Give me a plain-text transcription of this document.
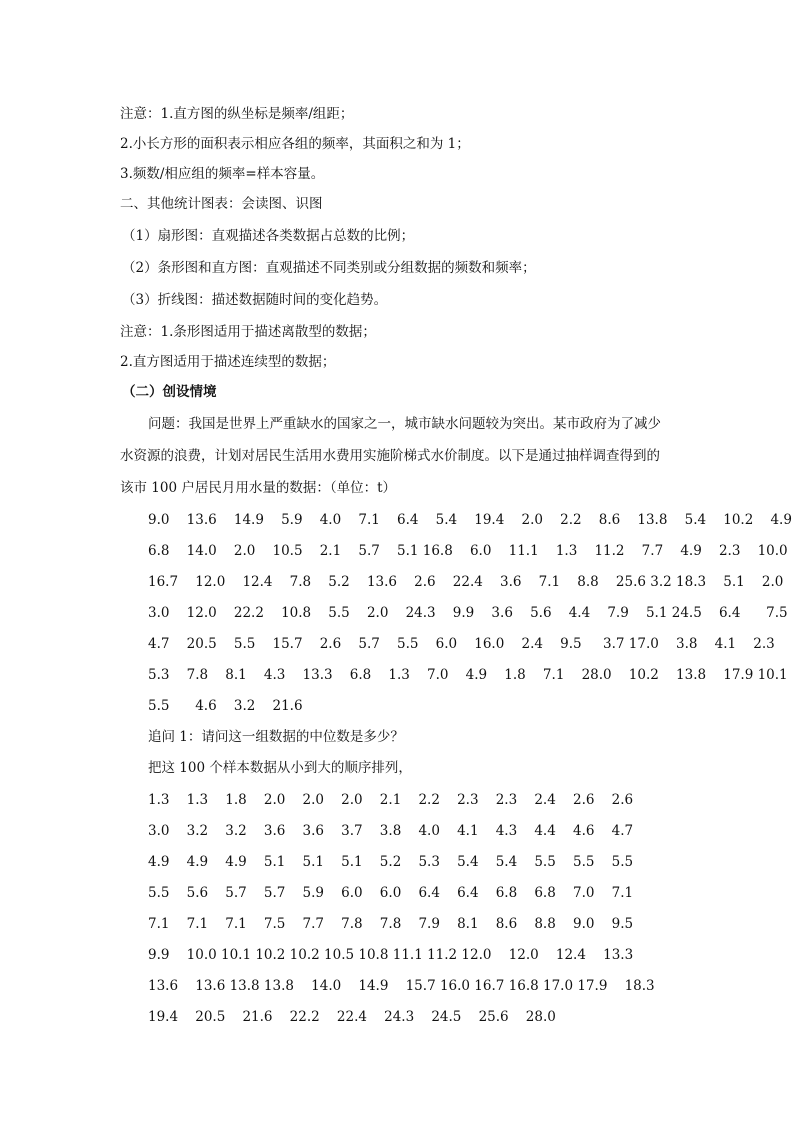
注意：1.直方图的纵坐标是频率/组距；
2.小长方形的面积表示相应各组的频率，其面积之和为 1；
3.频数/相应组的频率=样本容量。
二、其他统计图表：会读图、识图
（1）扇形图：直观描述各类数据占总数的比例；
（2）条形图和直方图：直观描述不同类别或分组数据的频数和频率；
（3）折线图：描述数据随时间的变化趋势。
注意：1.条形图适用于描述离散型的数据；
2.直方图适用于描述连续型的数据；
（二）创设情境
问题：我国是世界上严重缺水的国家之一，城市缺水问题较为突出。某市政府为了减少
水资源的浪费，计划对居民生活用水费用实施阶梯式水价制度。以下是通过抽样调查得到的
该市 100 户居民月用水量的数据：（单位：t）
9.0    13.6    14.9    5.9    4.0    7.1    6.4    5.4    19.4    2.0    2.2    8.6    13.8    5.4    10.2    4.9
6.8    14.0    2.0    10.5    2.1    5.7    5.1 16.8    6.0    11.1    1.3    11.2    7.7    4.9    2.3    10.0
16.7    12.0    12.4    7.8    5.2    13.6    2.6    22.4    3.6    7.1    8.8    25.6 3.2 18.3    5.1    2.0
3.0    12.0    22.2    10.8    5.5    2.0    24.3    9.9    3.6    5.6    4.4    7.9    5.1 24.5    6.4      7.5
4.7    20.5    5.5    15.7    2.6    5.7    5.5    6.0    16.0    2.4    9.5     3.7 17.0    3.8    4.1    2.3
5.3    7.8    8.1    4.3    13.3    6.8    1.3    7.0    4.9    1.8    7.1    28.0    10.2    13.8    17.9 10.1
5.5      4.6    3.2    21.6
追问 1：请问这一组数据的中位数是多少？
把这 100 个样本数据从小到大的顺序排列，
1.3    1.3    1.8    2.0    2.0    2.0    2.1    2.2    2.3    2.3    2.4    2.6    2.6
3.0    3.2    3.2    3.6    3.6    3.7    3.8    4.0    4.1    4.3    4.4    4.6    4.7
4.9    4.9    4.9    5.1    5.1    5.1    5.2    5.3    5.4    5.4    5.5    5.5    5.5
5.5    5.6    5.7    5.7    5.9    6.0    6.0    6.4    6.4    6.8    6.8    7.0    7.1
7.1    7.1    7.1    7.5    7.7    7.8    7.8    7.9    8.1    8.6    8.8    9.0    9.5
9.9    10.0 10.1 10.2 10.2 10.5 10.8 11.1 11.2 12.0    12.0    12.4    13.3
13.6    13.6 13.8 13.8    14.0    14.9    15.7 16.0 16.7 16.8 17.0 17.9    18.3
19.4    20.5    21.6    22.2    22.4    24.3    24.5    25.6    28.0
